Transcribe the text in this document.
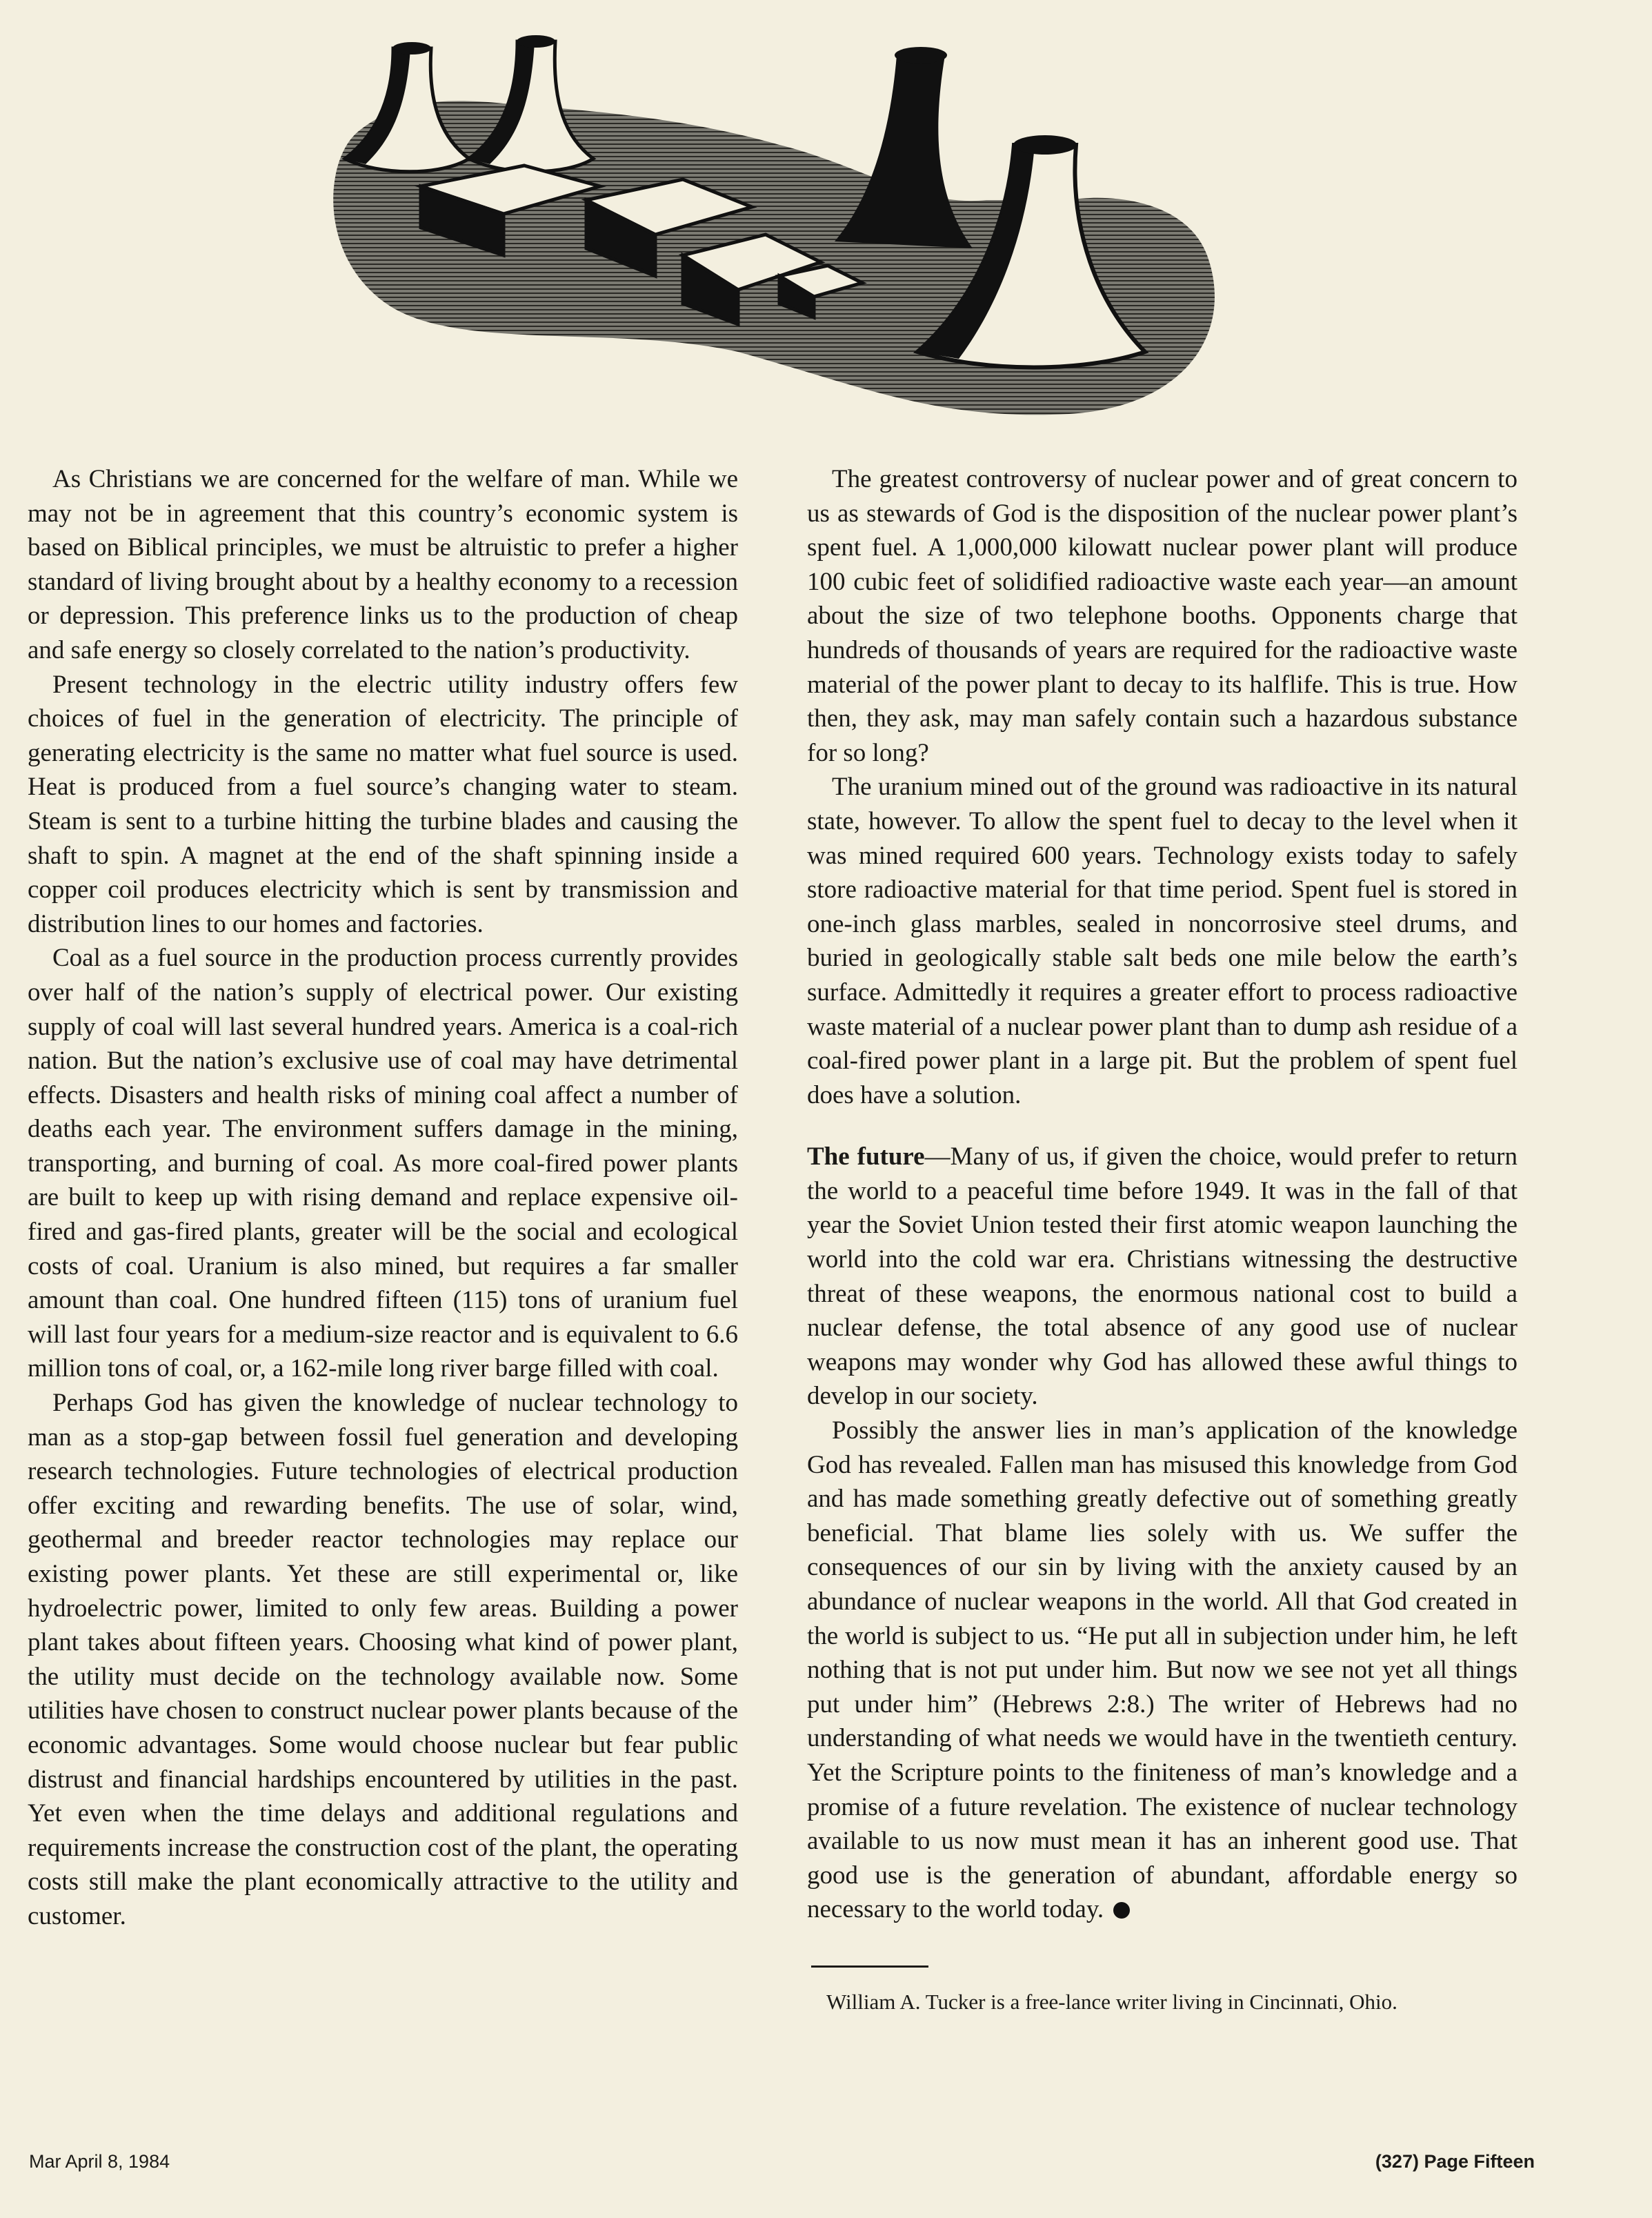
As Christians we are concerned for the welfare of man. While we may not be in agreement that this country’s economic system is based on Biblical principles, we must be altruistic to prefer a higher standard of living brought about by a healthy economy to a recession or depression. This preference links us to the production of cheap and safe energy so closely correlated to the nation’s productivity.

Present technology in the electric utility industry offers few choices of fuel in the generation of electricity. The principle of generating electricity is the same no matter what fuel source is used. Heat is produced from a fuel source’s changing water to steam. Steam is sent to a turbine hitting the turbine blades and causing the shaft to spin. A magnet at the end of the shaft spinning inside a copper coil produces electricity which is sent by transmission and distribution lines to our homes and factories.

Coal as a fuel source in the production process currently provides over half of the nation’s supply of electrical power. Our existing supply of coal will last several hundred years. America is a coal-rich nation. But the nation’s exclusive use of coal may have detrimental effects. Disasters and health risks of mining coal affect a number of deaths each year. The environment suffers damage in the mining, transporting, and burning of coal. As more coal-fired power plants are built to keep up with rising demand and replace expensive oil-fired and gas-fired plants, greater will be the social and ecological costs of coal. Uranium is also mined, but requires a far smaller amount than coal. One hundred fifteen (115) tons of uranium fuel will last four years for a medium-size reactor and is equivalent to 6.6 million tons of coal, or, a 162-mile long river barge filled with coal.

Perhaps God has given the knowledge of nuclear technology to man as a stop-gap between fossil fuel generation and developing research technologies. Future technologies of electrical production offer exciting and rewarding benefits. The use of solar, wind, geothermal and breeder reactor technologies may replace our existing power plants. Yet these are still experimental or, like hydroelectric power, limited to only few areas. Building a power plant takes about fifteen years. Choosing what kind of power plant, the utility must decide on the technology available now. Some utilities have chosen to construct nuclear power plants because of the economic advantages. Some would choose nuclear but fear public distrust and financial hardships encountered by utilities in the past. Yet even when the time delays and additional regulations and requirements increase the construction cost of the plant, the operating costs still make the plant economically attractive to the utility and customer.

The greatest controversy of nuclear power and of great concern to us as stewards of God is the disposition of the nuclear power plant’s spent fuel. A 1,000,000 kilowatt nuclear power plant will produce 100 cubic feet of solidified radioactive waste each year—an amount about the size of two telephone booths. Opponents charge that hundreds of thousands of years are required for the radioactive waste material of the power plant to decay to its halflife. This is true. How then, they ask, may man safely contain such a hazardous substance for so long?

The uranium mined out of the ground was radioactive in its natural state, however. To allow the spent fuel to decay to the level when it was mined required 600 years. Technology exists today to safely store radioactive material for that time period. Spent fuel is stored in one-inch glass marbles, sealed in noncorrosive steel drums, and buried in geologically stable salt beds one mile below the earth’s surface. Admittedly it requires a greater effort to process radioactive waste material of a nuclear power plant than to dump ash residue of a coal-fired power plant in a large pit. But the problem of spent fuel does have a solution.

The future—Many of us, if given the choice, would prefer to return the world to a peaceful time before 1949. It was in the fall of that year the Soviet Union tested their first atomic weapon launching the world into the cold war era. Christians witnessing the destructive threat of these weapons, the enormous national cost to build a nuclear defense, the total absence of any good use of nuclear weapons may wonder why God has allowed these awful things to develop in our society.

Possibly the answer lies in man’s application of the knowledge God has revealed. Fallen man has misused this knowledge from God and has made something greatly defective out of something greatly beneficial. That blame lies solely with us. We suffer the consequences of our sin by living with the anxiety caused by an abundance of nuclear weapons in the world. All that God created in the world is subject to us. “He put all in subjection under him, he left nothing that is not put under him. But now we see not yet all things put under him” (Hebrews 2:8.) The writer of Hebrews had no understanding of what needs we would have in the twentieth century. Yet the Scripture points to the finiteness of man’s knowledge and a promise of a future revelation. The existence of nuclear technology available to us now must mean it has an inherent good use. That good use is the generation of abundant, affordable energy so necessary to the world today.

William A. Tucker is a free-lance writer living in Cincinnati, Ohio.

Mar April 8, 1984	(327) Page Fifteen
